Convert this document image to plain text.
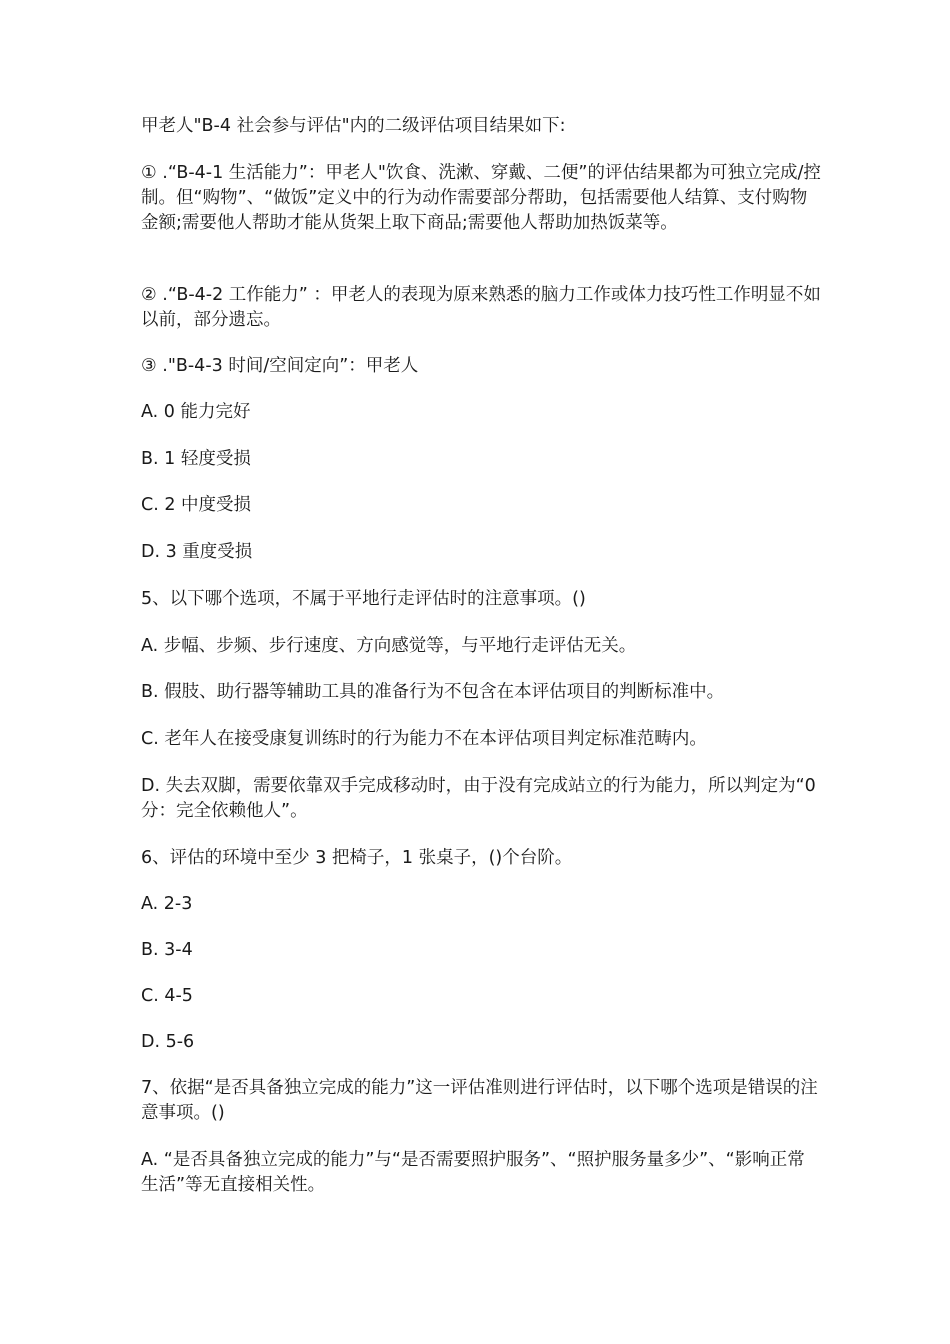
甲老人"B-4 社会参与评估"内的二级评估项目结果如下:

① .“B-4-1 生活能力”：甲老人"饮食、洗漱、穿戴、二便”的评估结果都为可独立完成/控制。但“购物”、“做饭”定义中的行为动作需要部分帮助，包括需要他人结算、支付购物金额;需要他人帮助才能从货架上取下商品;需要他人帮助加热饭菜等。

② .“B-4-2 工作能力” ：甲老人的表现为原来熟悉的脑力工作或体力技巧性工作明显不如以前，部分遗忘。

③ ."B-4-3 时间/空间定向”：甲老人

A. 0 能力完好

B. 1 轻度受损

C. 2 中度受损

D. 3 重度受损

5、以下哪个选项，不属于平地行走评估时的注意事项。()

A. 步幅、步频、步行速度、方向感觉等，与平地行走评估无关。

B. 假肢、助行器等辅助工具的准备行为不包含在本评估项目的判断标准中。

C. 老年人在接受康复训练时的行为能力不在本评估项目判定标准范畴内。

D. 失去双脚，需要依靠双手完成移动时，由于没有完成站立的行为能力，所以判定为“0 分：完全依赖他人”。

6、评估的环境中至少 3 把椅子，1 张桌子，()个台阶。

A. 2-3

B. 3-4

C. 4-5

D. 5-6

7、依据“是否具备独立完成的能力”这一评估准则进行评估时，以下哪个选项是错误的注意事项。()

A. “是否具备独立完成的能力”与“是否需要照护服务”、“照护服务量多少”、“影响正常生活”等无直接相关性。
